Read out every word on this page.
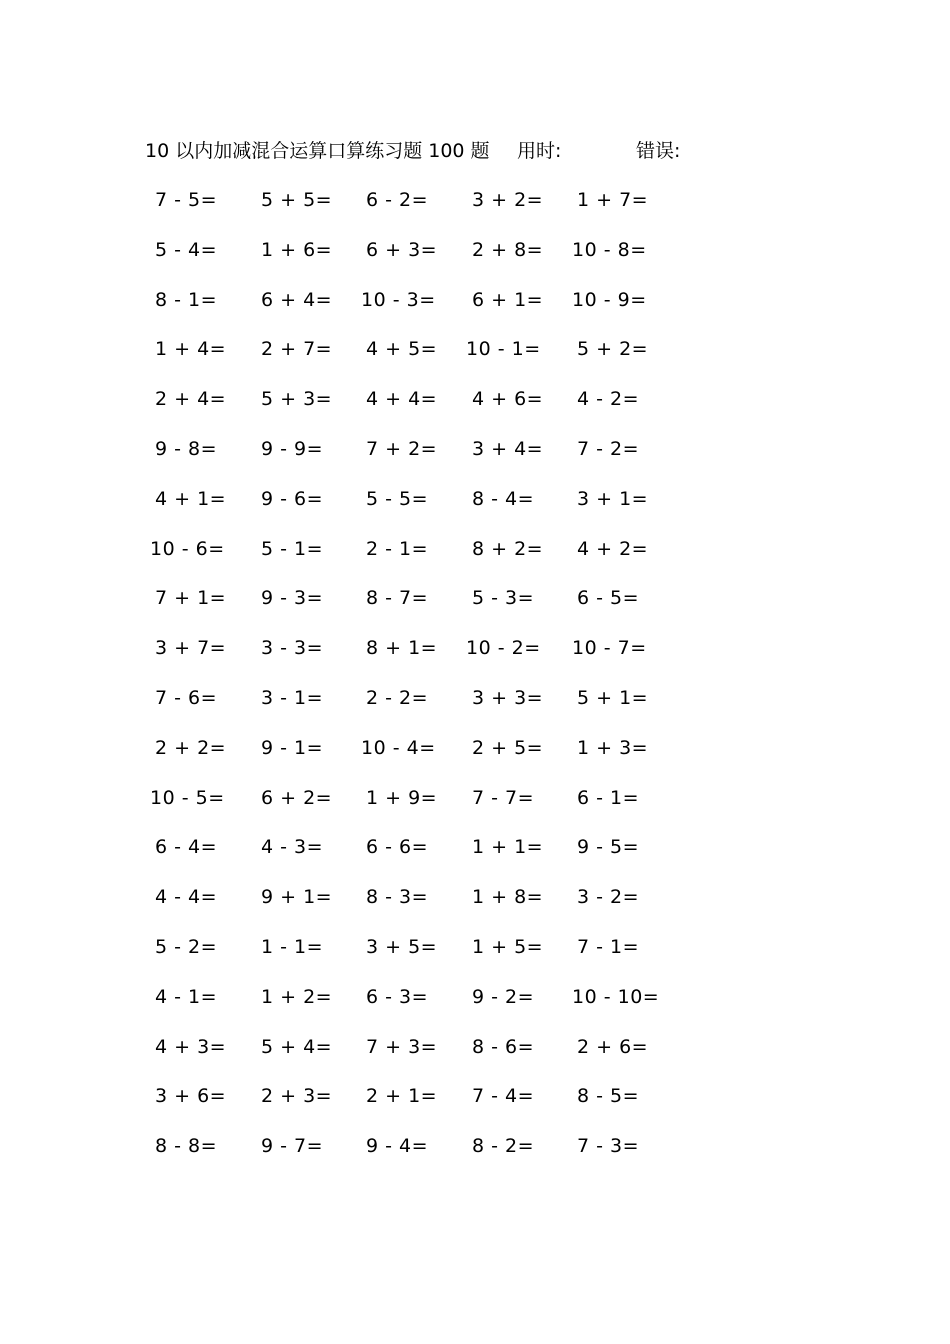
10 以内加减混合运算口算练习题 100 题 用时:	错误:
7 - 5= 5 + 5= 6 - 2= 3 + 2= 1 + 7=
5 - 4= 1 + 6= 6 + 3= 2 + 8= 10 - 8=
8 - 1= 6 + 4= 10 - 3= 6 + 1= 10 - 9=
1 + 4= 2 + 7= 4 + 5= 10 - 1= 5 + 2=
2 + 4= 5 + 3= 4 + 4= 4 + 6= 4 - 2=
9 - 8= 9 - 9= 7 + 2= 3 + 4= 7 - 2=
4 + 1= 9 - 6= 5 - 5= 8 - 4= 3 + 1=
10 - 6= 5 - 1= 2 - 1= 8 + 2= 4 + 2=
7 + 1= 9 - 3= 8 - 7= 5 - 3= 6 - 5=
3 + 7= 3 - 3= 8 + 1= 10 - 2= 10 - 7=
7 - 6= 3 - 1= 2 - 2= 3 + 3= 5 + 1=
2 + 2= 9 - 1= 10 - 4= 2 + 5= 1 + 3=
10 - 5= 6 + 2= 1 + 9= 7 - 7= 6 - 1=
6 - 4= 4 - 3= 6 - 6= 1 + 1= 9 - 5=
4 - 4= 9 + 1= 8 - 3= 1 + 8= 3 - 2=
5 - 2= 1 - 1= 3 + 5= 1 + 5= 7 - 1=
4 - 1= 1 + 2= 6 - 3= 9 - 2= 10 - 10=
4 + 3= 5 + 4= 7 + 3= 8 - 6= 2 + 6=
3 + 6= 2 + 3= 2 + 1= 7 - 4= 8 - 5=
8 - 8= 9 - 7= 9 - 4= 8 - 2= 7 - 3=
